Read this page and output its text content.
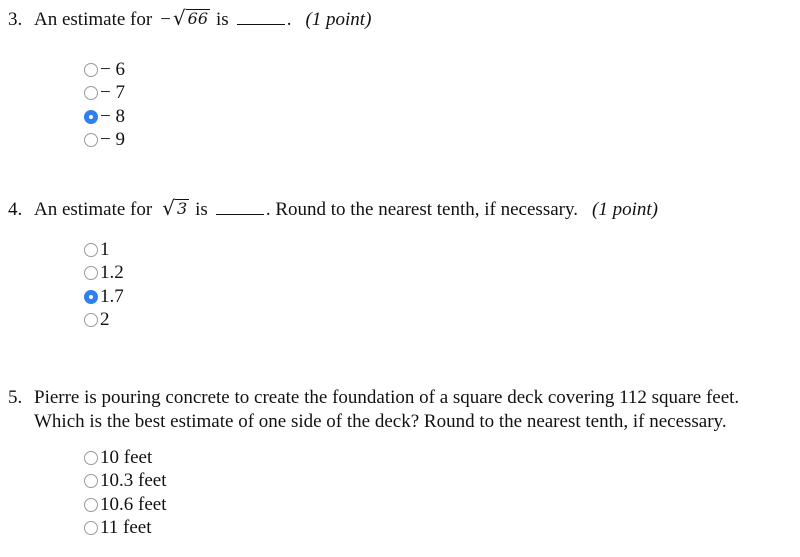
3. An estimate for − √ 66 is	. (1 point)
− 6
− 7
− 8
− 9
4. An estimate for √ 3 is	. Round to the nearest tenth, if necessary. (1 point)
1
1.2
1.7
2
5. Pierre is pouring concrete to create the foundation of a square deck covering 112 square feet.
Which is the best estimate of one side of the deck? Round to the nearest tenth, if necessary.
10 feet
10.3 feet
10.6 feet
11 feet
